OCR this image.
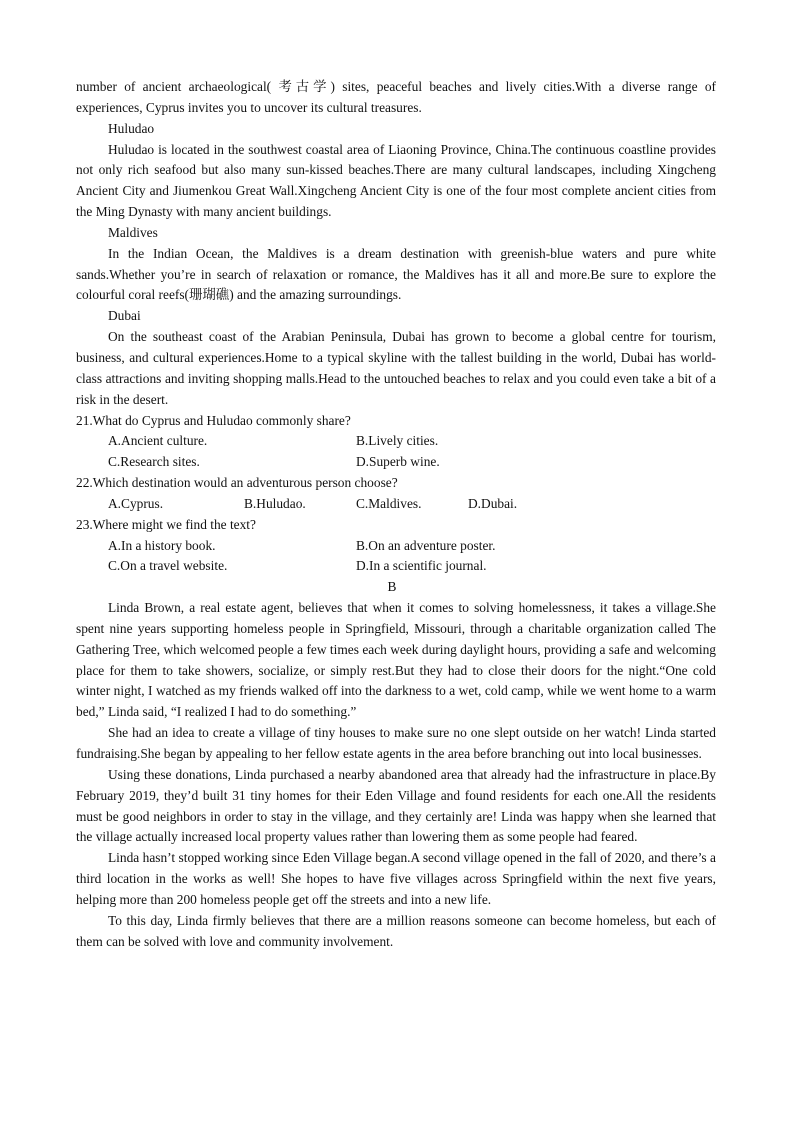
number of ancient archaeological( 考古学) sites, peaceful beaches and lively cities.With a diverse range of experiences, Cyprus invites you to uncover its cultural treasures.

Huludao

Huludao is located in the southwest coastal area of Liaoning Province, China.The continuous coastline provides not only rich seafood but also many sun-kissed beaches.There are many cultural landscapes, including Xingcheng Ancient City and Jiumenkou Great Wall.Xingcheng Ancient City is one of the four most complete ancient cities from the Ming Dynasty with many ancient buildings.

Maldives

In the Indian Ocean, the Maldives is a dream destination with greenish-blue waters and pure white sands.Whether you’re in search of relaxation or romance, the Maldives has it all and more.Be sure to explore the colourful coral reefs(珊瑚礁) and the amazing surroundings.

Dubai

On the southeast coast of the Arabian Peninsula, Dubai has grown to become a global centre for tourism, business, and cultural experiences.Home to a typical skyline with the tallest building in the world, Dubai has world-class attractions and inviting shopping malls.Head to the untouched beaches to relax and you could even take a bit of a risk in the desert.

21.What do Cyprus and Huludao commonly share?

A.Ancient culture.	B.Lively cities.
C.Research sites.	D.Superb wine.

22.Which destination would an adventurous person choose?

A.Cyprus.	B.Huludao.	C.Maldives.	D.Dubai.

23.Where might we find the text?

A.In a history book.	B.On an adventure poster.
C.On a travel website.	D.In a scientific journal.

B

Linda Brown, a real estate agent, believes that when it comes to solving homelessness, it takes a village.She spent nine years supporting homeless people in Springfield, Missouri, through a charitable organization called The Gathering Tree, which welcomed people a few times each week during daylight hours, providing a safe and welcoming place for them to take showers, socialize, or simply rest.But they had to close their doors for the night.“One cold winter night, I watched as my friends walked off into the darkness to a wet, cold camp, while we went home to a warm bed,” Linda said, “I realized I had to do something.”

She had an idea to create a village of tiny houses to make sure no one slept outside on her watch! Linda started fundraising.She began by appealing to her fellow estate agents in the area before branching out into local businesses.

Using these donations, Linda purchased a nearby abandoned area that already had the infrastructure in place.By February 2019, they’d built 31 tiny homes for their Eden Village and found residents for each one.All the residents must be good neighbors in order to stay in the village, and they certainly are! Linda was happy when she learned that the village actually increased local property values rather than lowering them as some people had feared.

Linda hasn’t stopped working since Eden Village began.A second village opened in the fall of 2020, and there’s a third location in the works as well! She hopes to have five villages across Springfield within the next five years, helping more than 200 homeless people get off the streets and into a new life.

To this day, Linda firmly believes that there are a million reasons someone can become homeless, but each of them can be solved with love and community involvement.
